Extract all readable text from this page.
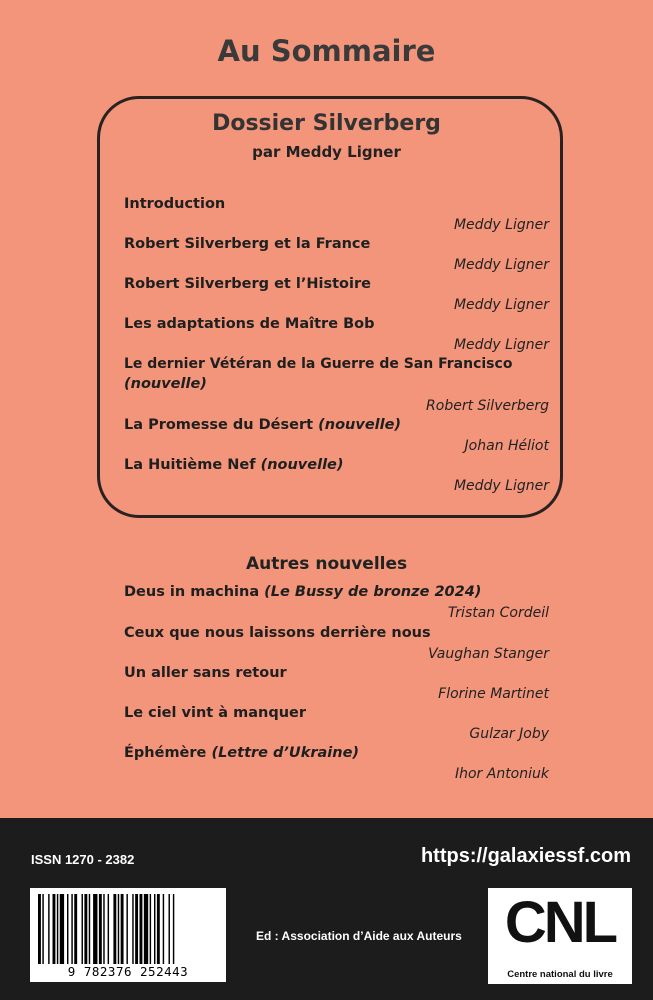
Au Sommaire
Dossier Silverberg
par Meddy Ligner
Introduction
Meddy Ligner
Robert Silverberg et la France
Meddy Ligner
Robert Silverberg et l’Histoire
Meddy Ligner
Les adaptations de Maître Bob
Meddy Ligner
Le dernier Vétéran de la Guerre de San Francisco
(nouvelle)
Robert Silverberg
La Promesse du Désert (nouvelle)
Johan Héliot
La Huitième Nef (nouvelle)
Meddy Ligner
Autres nouvelles
Deus in machina (Le Bussy de bronze 2024)
Tristan Cordeil
Ceux que nous laissons derrière nous
Vaughan Stanger
Un aller sans retour
Florine Martinet
Le ciel vint à manquer
Gulzar Joby
Éphémère (Lettre d’Ukraine)
Ihor Antoniuk
ISSN 1270 - 2382	https://galaxiessf.com
9 782376 252443
Ed : Association d’Aide aux Auteurs CNL
Centre national du livre
